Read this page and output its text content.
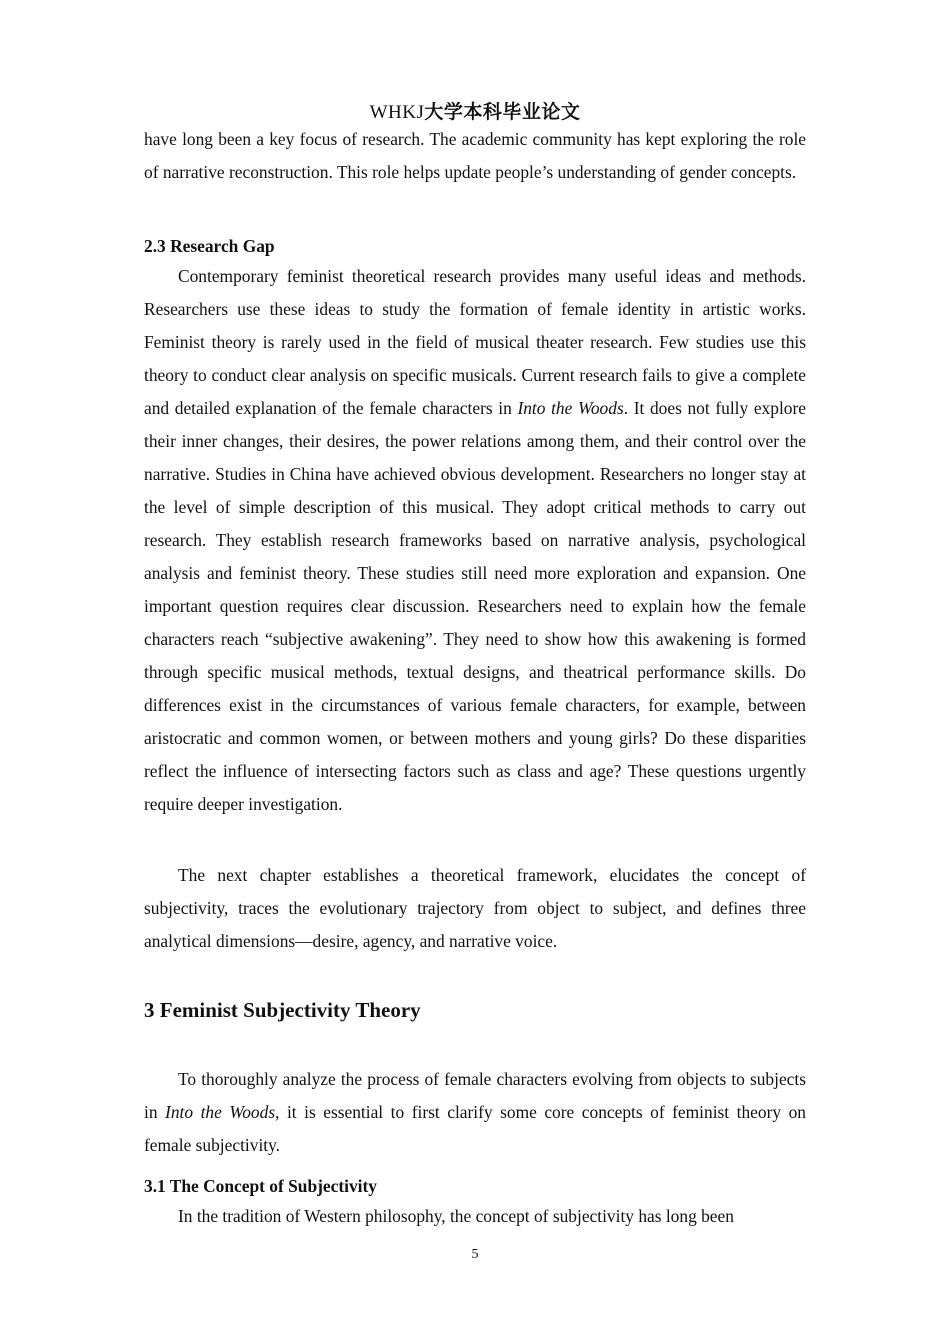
WHKJ大学本科毕业论文

have long been a key focus of research. The academic community has kept exploring the role of narrative reconstruction. This role helps update people’s understanding of gender concepts.

2.3 Research Gap

Contemporary feminist theoretical research provides many useful ideas and methods. Researchers use these ideas to study the formation of female identity in artistic works. Feminist theory is rarely used in the field of musical theater research. Few studies use this theory to conduct clear analysis on specific musicals. Current research fails to give a complete and detailed explanation of the female characters in Into the Woods. It does not fully explore their inner changes, their desires, the power relations among them, and their control over the narrative. Studies in China have achieved obvious development. Researchers no longer stay at the level of simple description of this musical. They adopt critical methods to carry out research. They establish research frameworks based on narrative analysis, psychological analysis and feminist theory. These studies still need more exploration and expansion. One important question requires clear discussion. Researchers need to explain how the female characters reach “subjective awakening”. They need to show how this awakening is formed through specific musical methods, textual designs, and theatrical performance skills. Do differences exist in the circumstances of various female characters, for example, between aristocratic and common women, or between mothers and young girls? Do these disparities reflect the influence of intersecting factors such as class and age? These questions urgently require deeper investigation.

The next chapter establishes a theoretical framework, elucidates the concept of subjectivity, traces the evolutionary trajectory from object to subject, and defines three analytical dimensions—desire, agency, and narrative voice.

3 Feminist Subjectivity Theory

To thoroughly analyze the process of female characters evolving from objects to subjects in Into the Woods, it is essential to first clarify some core concepts of feminist theory on female subjectivity.

3.1 The Concept of Subjectivity

In the tradition of Western philosophy, the concept of subjectivity has long been

5
